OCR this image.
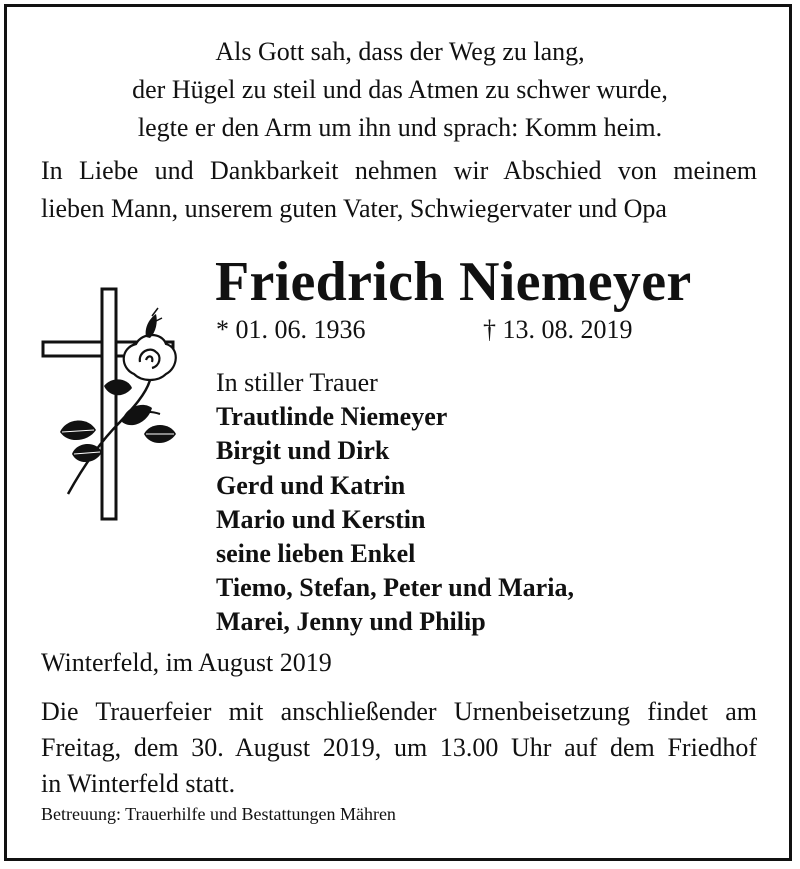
Als Gott sah, dass der Weg zu lang,
der Hügel zu steil und das Atmen zu schwer wurde,
legte er den Arm um ihn und sprach: Komm heim.
In Liebe und Dankbarkeit nehmen wir Abschied von meinem
lieben Mann, unserem guten Vater, Schwiegervater und Opa
Friedrich Niemeyer
* 01. 06. 1936	† 13. 08. 2019
In stiller Trauer
Trautlinde Niemeyer
Birgit und Dirk
Gerd und Katrin
Mario und Kerstin
seine lieben Enkel
Tiemo, Stefan, Peter und Maria,
Marei, Jenny und Philip
Winterfeld, im August 2019
Die Trauerfeier mit anschließender Urnenbeisetzung findet am
Freitag, dem 30. August 2019, um 13.00 Uhr auf dem Friedhof
in Winterfeld statt.
Betreuung: Trauerhilfe und Bestattungen Mähren
